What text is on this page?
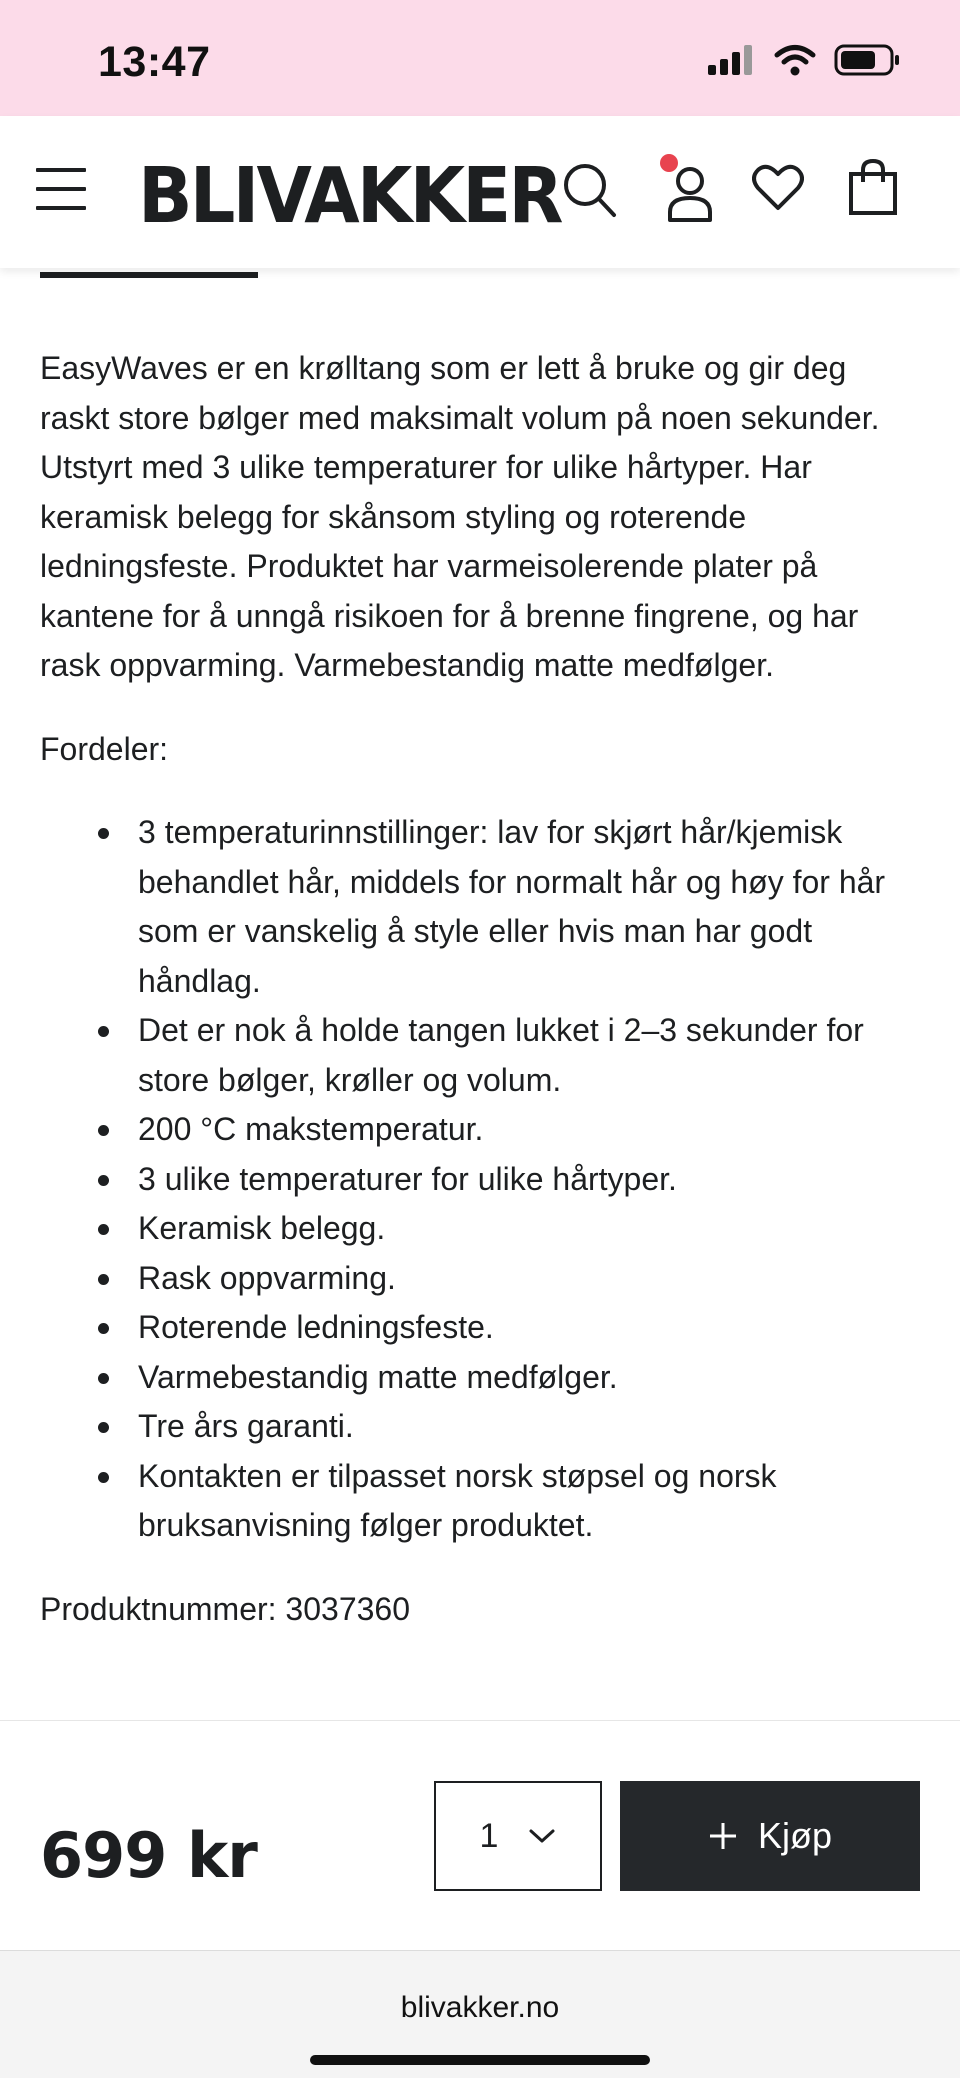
13:47
BLIVAKKER

EasyWaves er en krølltang som er lett å bruke og gir deg raskt store bølger med maksimalt volum på noen sekunder. Utstyrt med 3 ulike temperaturer for ulike hårtyper. Har keramisk belegg for skånsom styling og roterende ledningsfeste. Produktet har varmeisolerende plater på kantene for å unngå risikoen for å brenne fingrene, og har rask oppvarming. Varmebestandig matte medfølger.

Fordeler:

3 temperaturinnstillinger: lav for skjørt hår/kjemisk behandlet hår, middels for normalt hår og høy for hår som er vanskelig å style eller hvis man har godt håndlag.
Det er nok å holde tangen lukket i 2–3 sekunder for store bølger, krøller og volum.
200 °C makstemperatur.
3 ulike temperaturer for ulike hårtyper.
Keramisk belegg.
Rask oppvarming.
Roterende ledningsfeste.
Varmebestandig matte medfølger.
Tre års garanti.
Kontakten er tilpasset norsk støpsel og norsk bruksanvisning følger produktet.

Produktnummer: 3037360

699 kr	1	Kjøp
blivakker.no
